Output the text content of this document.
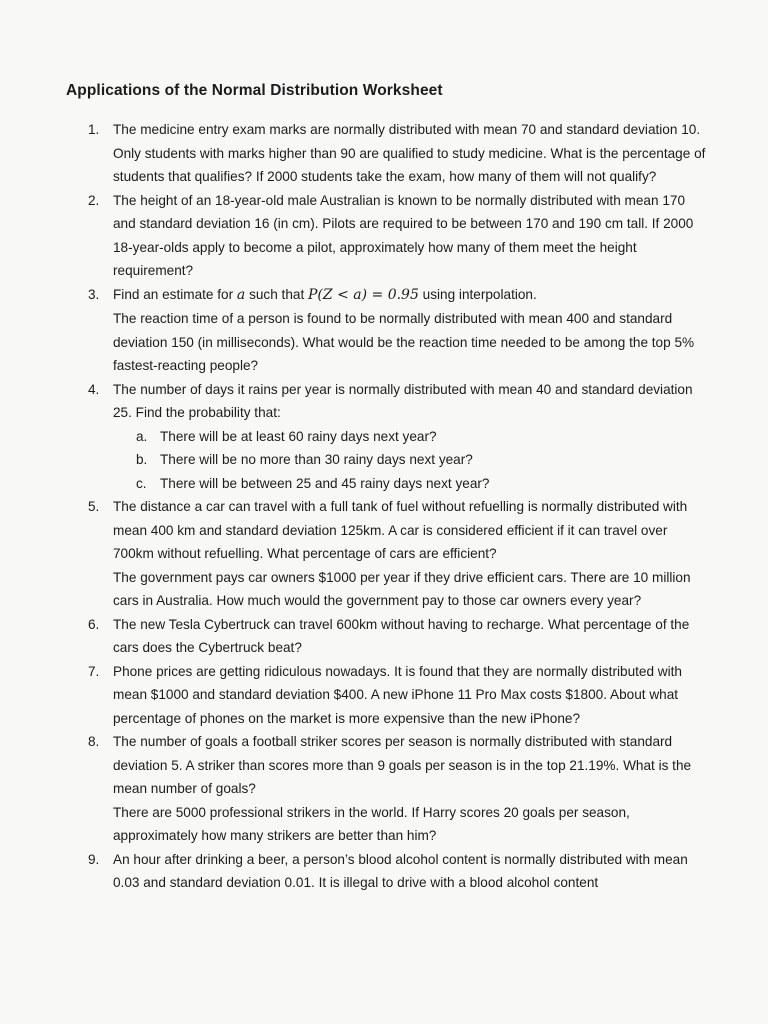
Applications of the Normal Distribution Worksheet
1. The medicine entry exam marks are normally distributed with mean 70 and standard deviation 10. Only students with marks higher than 90 are qualified to study medicine. What is the percentage of students that qualifies? If 2000 students take the exam, how many of them will not qualify?
2. The height of an 18-year-old male Australian is known to be normally distributed with mean 170 and standard deviation 16 (in cm). Pilots are required to be between 170 and 190 cm tall. If 2000 18-year-olds apply to become a pilot, approximately how many of them meet the height requirement?
3. Find an estimate for a such that P(Z < a) = 0.95 using interpolation.
The reaction time of a person is found to be normally distributed with mean 400 and standard deviation 150 (in milliseconds). What would be the reaction time needed to be among the top 5% fastest-reacting people?
4. The number of days it rains per year is normally distributed with mean 40 and standard deviation 25. Find the probability that:
a. There will be at least 60 rainy days next year?
b. There will be no more than 30 rainy days next year?
c. There will be between 25 and 45 rainy days next year?
5. The distance a car can travel with a full tank of fuel without refuelling is normally distributed with mean 400 km and standard deviation 125km. A car is considered efficient if it can travel over 700km without refuelling. What percentage of cars are efficient?
The government pays car owners $1000 per year if they drive efficient cars. There are 10 million cars in Australia. How much would the government pay to those car owners every year?
6. The new Tesla Cybertruck can travel 600km without having to recharge. What percentage of the cars does the Cybertruck beat?
7. Phone prices are getting ridiculous nowadays. It is found that they are normally distributed with mean $1000 and standard deviation $400. A new iPhone 11 Pro Max costs $1800. About what percentage of phones on the market is more expensive than the new iPhone?
8. The number of goals a football striker scores per season is normally distributed with standard deviation 5. A striker than scores more than 9 goals per season is in the top 21.19%. What is the mean number of goals?
There are 5000 professional strikers in the world. If Harry scores 20 goals per season, approximately how many strikers are better than him?
9. An hour after drinking a beer, a person’s blood alcohol content is normally distributed with mean 0.03 and standard deviation 0.01. It is illegal to drive with a blood alcohol content
